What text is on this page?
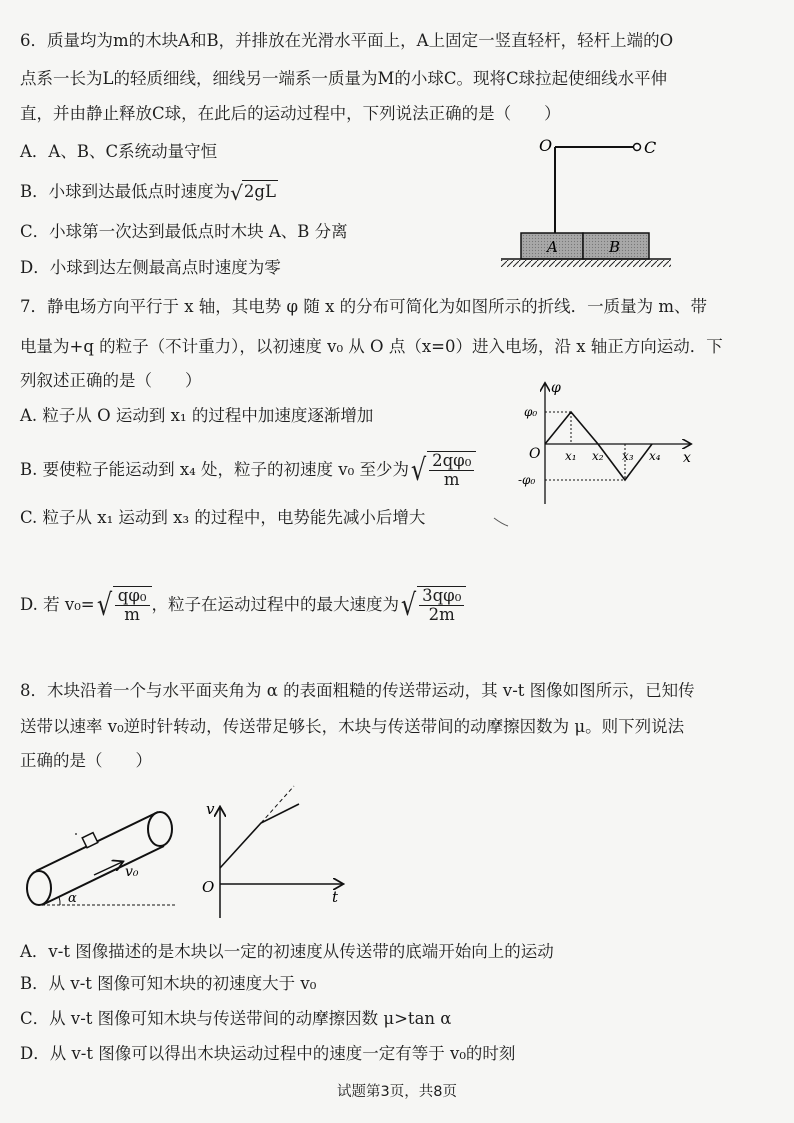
6．质量均为m的木块A和B，并排放在光滑水平面上，A上固定一竖直轻杆，轻杆上端的O
点系一长为L的轻质细线，细线另一端系一质量为M的小球C。现将C球拉起使细线水平伸
直，并由静止释放C球，在此后的运动过程中，下列说法正确的是（　　）
A．A、B、C系统动量守恒
B．小球到达最低点时速度为√2gL
C．小球第一次达到最低点时木块 A、B 分离
D．小球到达左侧最高点时速度为零
O	C
A	B
7．静电场方向平行于 x 轴，其电势 φ 随 x 的分布可简化为如图所示的折线．一质量为 m、带
电量为+q 的粒子（不计重力），以初速度 v₀ 从 O 点（x=0）进入电场，沿 x 轴正方向运动．下
列叙述正确的是（　　）
A. 粒子从 O 运动到 x₁ 的过程中加速度逐渐增加
B. 要使粒子能运动到 x₄ 处，粒子的初速度 v₀ 至少为√ $\frac{\text{2qφ₀}}{m}$
C. 粒子从 x₁ 运动到 x₃ 的过程中，电势能先减小后增大
D. 若 $v_0=√ \frac{\text{qφ₀}}{m}$ ，粒子在运动过程中的最大速度为√ $\frac{\text{3qφ₀}}{2m}$
φ
x
O
φ₀
-φ₀
x₁ x₂ x₃ x₄
8．木块沿着一个与水平面夹角为 α 的表面粗糙的传送带运动，其 v-t 图像如图所示，已知传
送带以速率 v₀逆时针转动，传送带足够长，木块与传送带间的动摩擦因数为 μ。则下列说法
正确的是（　　）
v₀
α
v
t
O
A．v-t 图像描述的是木块以一定的初速度从传送带的底端开始向上的运动
B．从 v-t 图像可知木块的初速度大于 v₀
C．从 v-t 图像可知木块与传送带间的动摩擦因数 μ>tan α
D．从 v-t 图像可以得出木块运动过程中的速度一定有等于 v₀的时刻
试题第3页，共8页
